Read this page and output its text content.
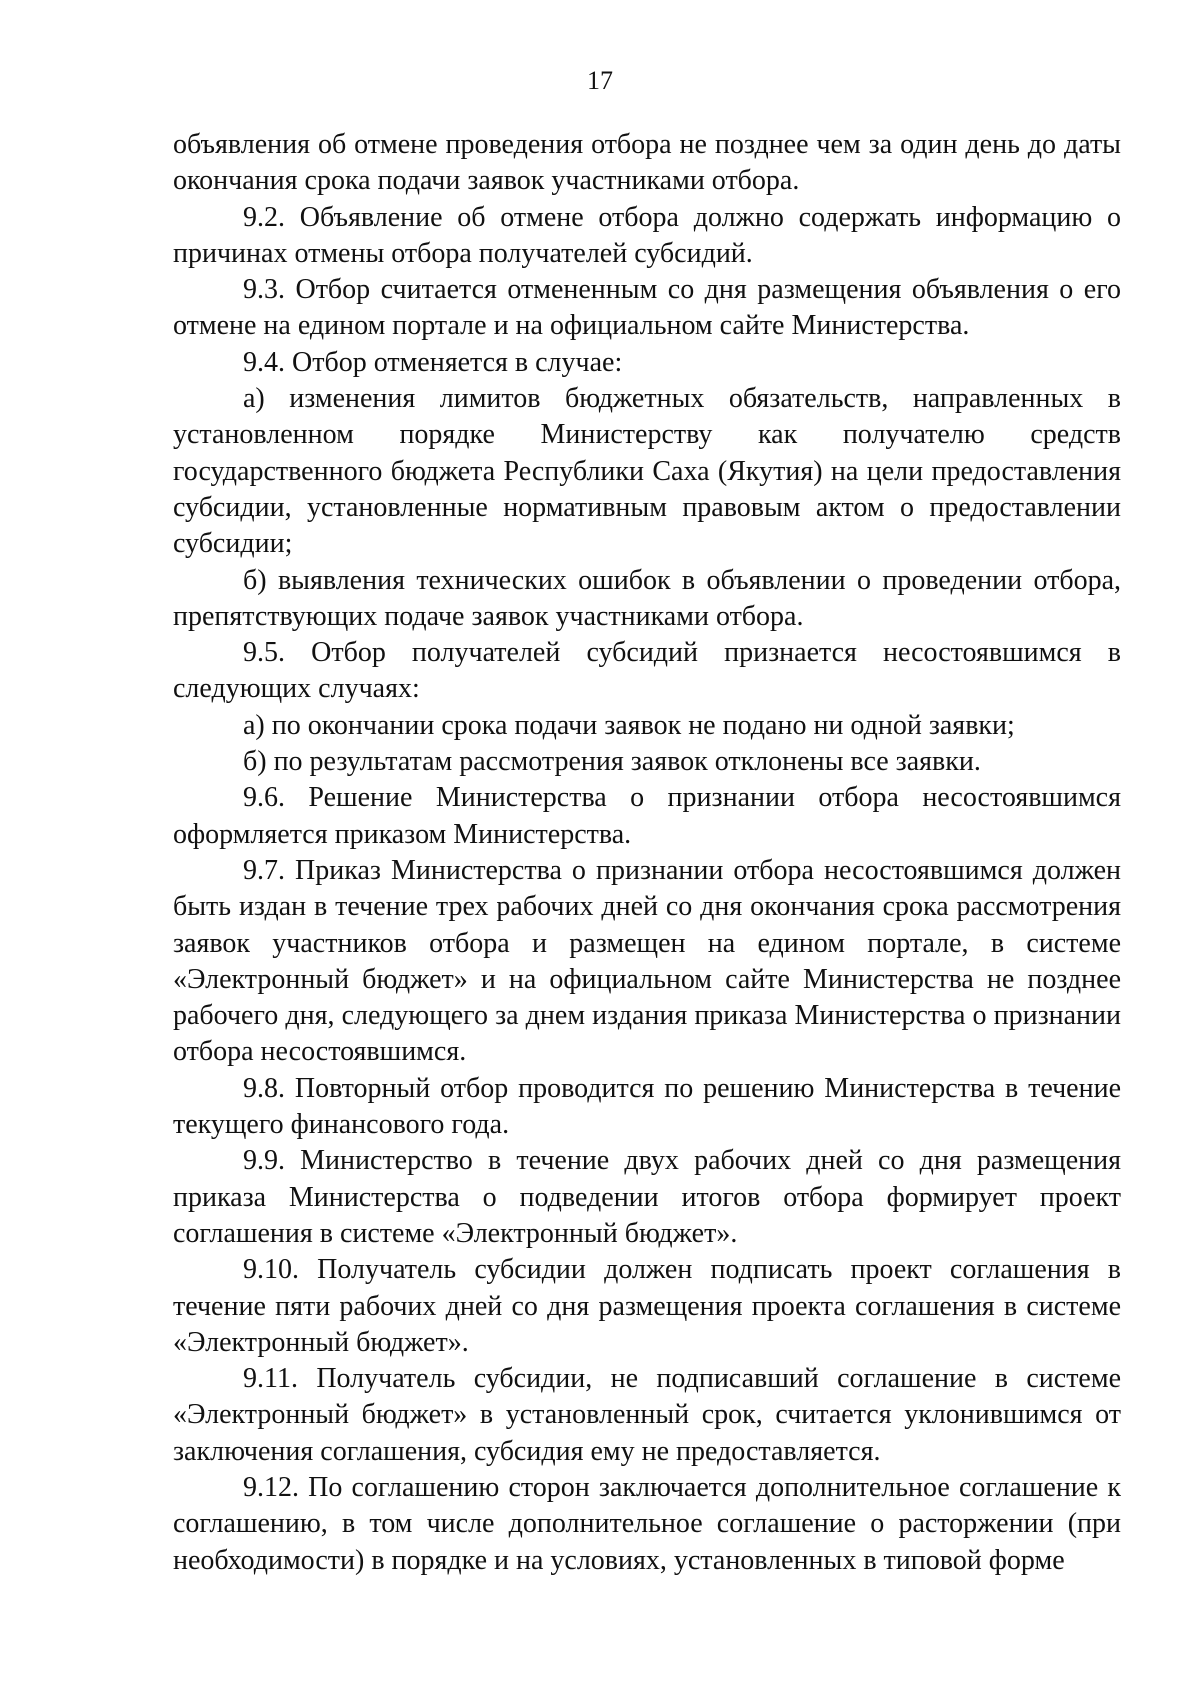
17

объявления об отмене проведения отбора не позднее чем за один день до даты окончания срока подачи заявок участниками отбора.

9.2. Объявление об отмене отбора должно содержать информацию о причинах отмены отбора получателей субсидий.

9.3. Отбор считается отмененным со дня размещения объявления о его отмене на едином портале и на официальном сайте Министерства.

9.4. Отбор отменяется в случае:

а) изменения лимитов бюджетных обязательств, направленных в установленном порядке Министерству как получателю средств государственного бюджета Республики Саха (Якутия) на цели предоставления субсидии, установленные нормативным правовым актом о предоставлении субсидии;

б) выявления технических ошибок в объявлении о проведении отбора, препятствующих подаче заявок участниками отбора.

9.5. Отбор получателей субсидий признается несостоявшимся в следующих случаях:

а) по окончании срока подачи заявок не подано ни одной заявки;

б) по результатам рассмотрения заявок отклонены все заявки.

9.6. Решение Министерства о признании отбора несостоявшимся оформляется приказом Министерства.

9.7. Приказ Министерства о признании отбора несостоявшимся должен быть издан в течение трех рабочих дней со дня окончания срока рассмотрения заявок участников отбора и размещен на едином портале, в системе «Электронный бюджет» и на официальном сайте Министерства не позднее рабочего дня, следующего за днем издания приказа Министерства о признании отбора несостоявшимся.

9.8. Повторный отбор проводится по решению Министерства в течение текущего финансового года.

9.9. Министерство в течение двух рабочих дней со дня размещения приказа Министерства о подведении итогов отбора формирует проект соглашения в системе «Электронный бюджет».

9.10. Получатель субсидии должен подписать проект соглашения в течение пяти рабочих дней со дня размещения проекта соглашения в системе «Электронный бюджет».

9.11. Получатель субсидии, не подписавший соглашение в системе «Электронный бюджет» в установленный срок, считается уклонившимся от заключения соглашения, субсидия ему не предоставляется.

9.12. По соглашению сторон заключается дополнительное соглашение к соглашению, в том числе дополнительное соглашение о расторжении (при необходимости) в порядке и на условиях, установленных в типовой форме
